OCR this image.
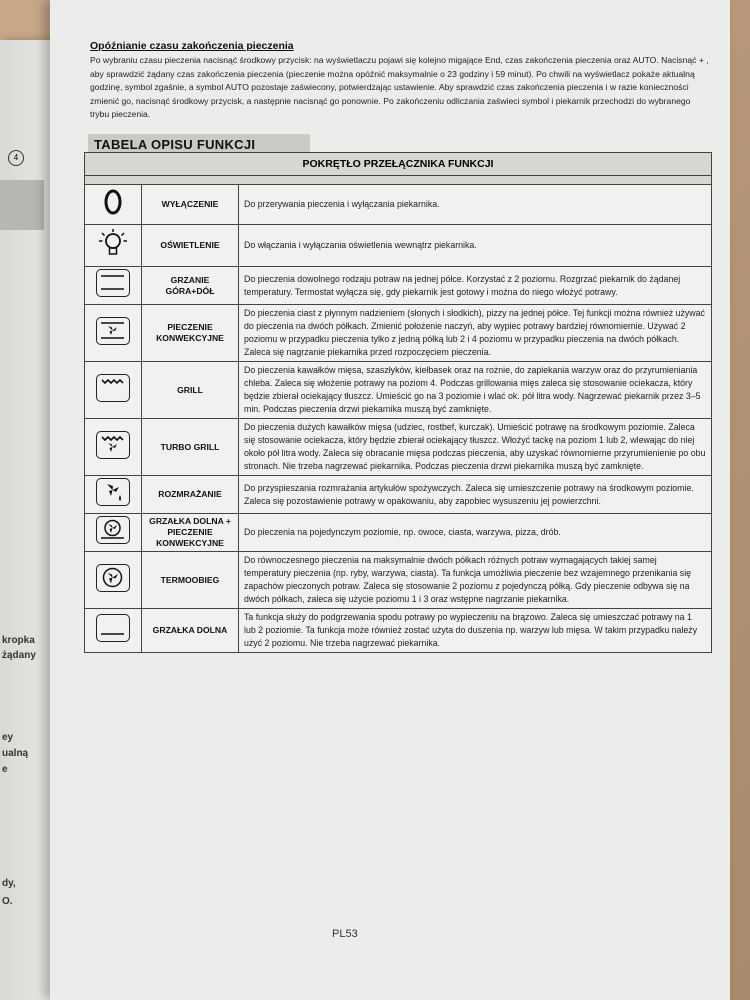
4
kropka
żądany
ey
ualną
e
dy,
O.

Opóźnianie czasu zakończenia pieczenia

Po wybraniu czasu pieczenia nacisnąć środkowy przycisk: na wyświetlaczu pojawi się kolejno migające End, czas zakończenia pieczenia oraz AUTO. Nacisnąć + , aby sprawdzić żądany czas zakończenia pieczenia (pieczenie można opóźnić maksymalnie o 23 godziny i 59 minut). Po chwili na wyświetlacz pokaże aktualną godzinę, symbol zgaśnie, a symbol AUTO pozostaje zaświecony, potwierdzając ustawienie. Aby sprawdzić czas zakończenia pieczenia i w razie konieczności zmienić go, nacisnąć środkowy przycisk, a następnie nacisnąć go ponownie. Po zakończeniu odliczania zaświeci symbol i piekarnik przechodzi do wybranego trybu pieczenia.

TABELA OPISU FUNKCJI
POKRĘTŁO PRZEŁĄCZNIKA FUNKCJI		

	WYŁĄCZENIE	Do przerywania pieczenia i wyłączania piekarnika.
	OŚWIETLENIE	Do włączania i wyłączania oświetlenia wewnątrz piekarnika.

	GRZANIE GÓRA+DÓŁ	Do pieczenia dowolnego rodzaju potraw na jednej półce. Korzystać z 2 poziomu. Rozgrzać piekarnik do żądanej temperatury. Termostat wyłącza się, gdy piekarnik jest gotowy i można do niego włożyć potrawy.

	PIECZENIE KONWEKCYJNE	Do pieczenia ciast z płynnym nadzieniem (słonych i słodkich), pizzy na jednej półce. Tej funkcji można również używać do pieczenia na dwóch półkach. Zmienić położenie naczyń, aby wypiec potrawy bardziej równomiernie. Używać 2 poziomu w przypadku pieczenia tylko z jedną półką lub 2 i 4 poziomu w przypadku pieczenia na dwóch półkach. Zaleca się nagrzanie piekarnika przed rozpoczęciem pieczenia.

	GRILL	Do pieczenia kawałków mięsa, szaszłyków, kiełbasek oraz na rożnie, do zapiekania warzyw oraz do przyrumieniania chleba. Zaleca się włożenie potrawy na poziom 4. Podczas grillowania mięs zaleca się stosowanie ociekacza, który będzie zbierał ociekający tłuszcz. Umieścić go na 3 poziomie i wlać ok. pół litra wody. Nagrzewać piekarnik przez 3–5 min. Podczas pieczenia drzwi piekarnika muszą być zamknięte.

	TURBO GRILL	Do pieczenia dużych kawałków mięsa (udziec, rostbef, kurczak). Umieścić potrawę na środkowym poziomie. Zaleca się stosowanie ociekacza, który będzie zbierał ociekający tłuszcz. Włożyć tackę na poziom 1 lub 2, wlewając do niej około pół litra wody. Zaleca się obracanie mięsa podczas pieczenia, aby uzyskać równomierne przyrumienienie po obu stronach. Nie trzeba nagrzewać piekarnika. Podczas pieczenia drzwi piekarnika muszą być zamknięte.

	ROZMRAŻANIE	Do przyspieszania rozmrażania artykułów spożywczych. Zaleca się umieszczenie potrawy na środkowym poziomie. Zaleca się pozostawienie potrawy w opakowaniu, aby zapobiec wysuszeniu jej powierzchni.

	GRZAŁKA DOLNA + PIECZENIE KONWEKCYJNE	Do pieczenia na pojedynczym poziomie, np. owoce, ciasta, warzywa, pizza, drób.

	TERMOOBIEG	Do równoczesnego pieczenia na maksymalnie dwóch półkach różnych potraw wymagających takiej samej temperatury pieczenia (np. ryby, warzywa, ciasta). Ta funkcja umożliwia pieczenie bez wzajemnego przenikania się zapachów pieczonych potraw. Zaleca się stosowanie 2 poziomu z pojedynczą półką. Gdy pieczenie odbywa się na dwóch półkach, zaleca się użycie poziomu 1 i 3 oraz wstępne nagrzanie piekarnika.

	GRZAŁKA DOLNA	Ta funkcja służy do podgrzewania spodu potrawy po wypieczeniu na brązowo. Zaleca się umieszczać potrawy na 1 lub 2 poziomie. Ta funkcja może również zostać użyta do duszenia np. warzyw lub mięsa. W takim przypadku należy użyć 2 poziomu. Nie trzeba nagrzewać piekarnika.
PL53
